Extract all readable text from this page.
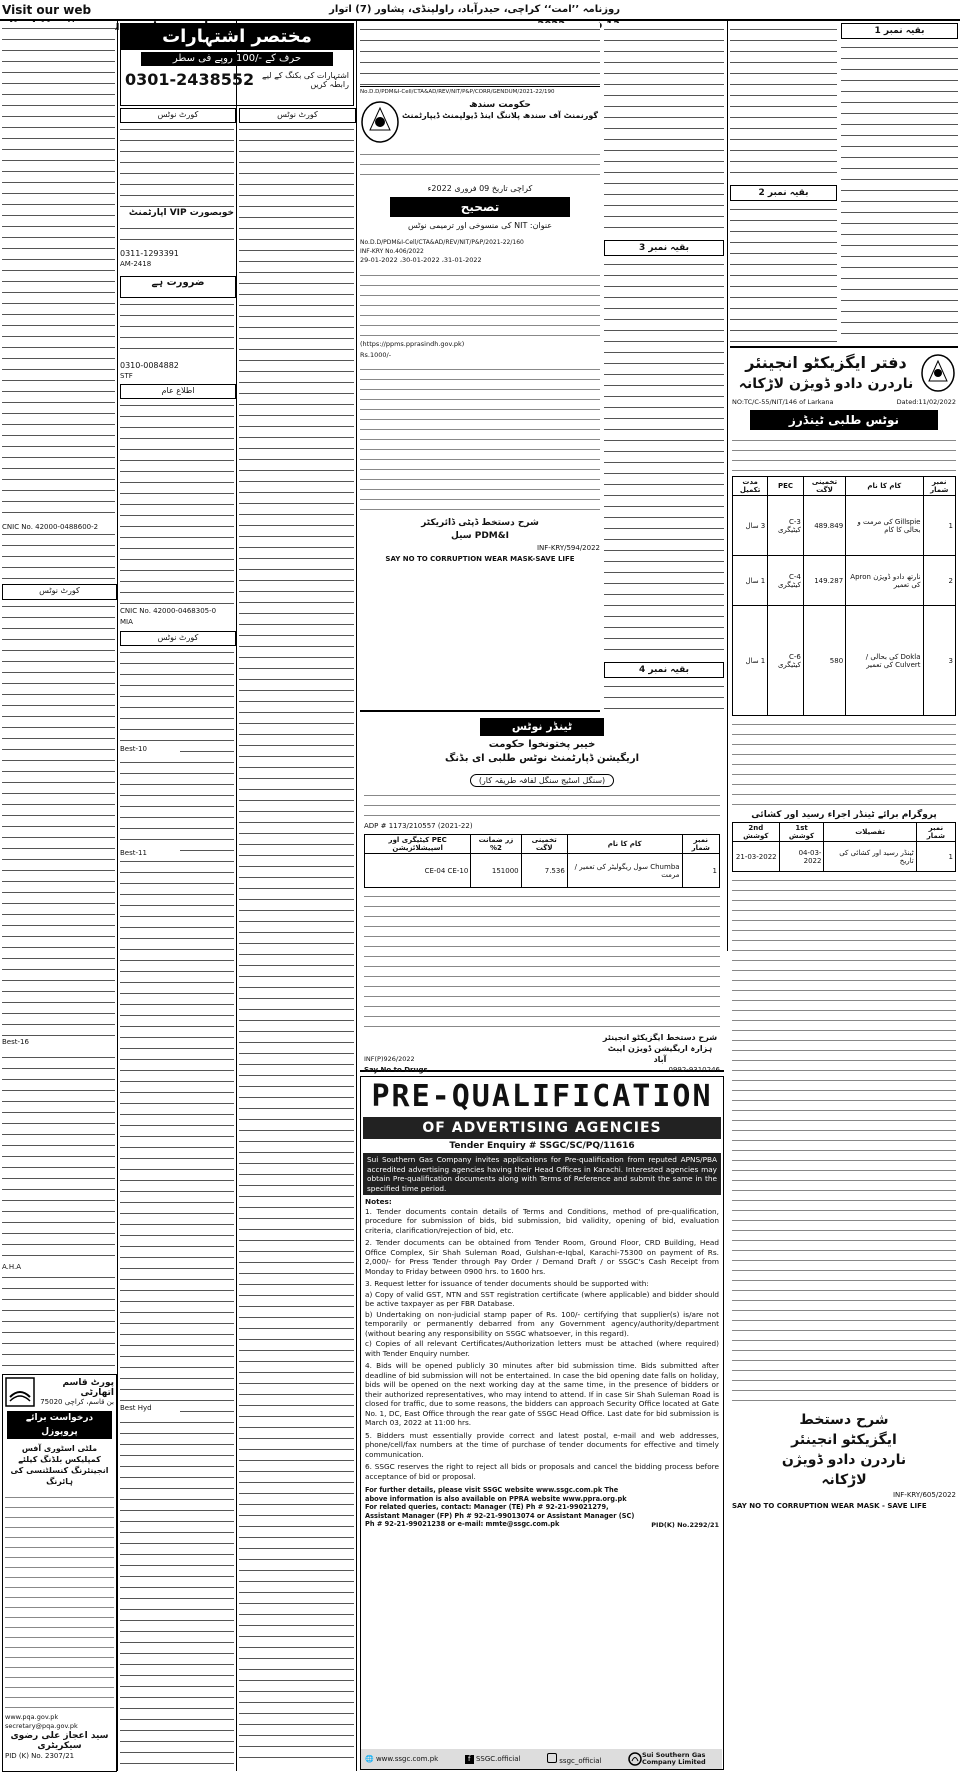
Visit our web	روزنامہ ’’امت‘‘ کراچی، حیدرآباد، راولپنڈی، پشاور (7) اتوار
مختصر اشتہارات
حرف کے -/100 روپے فی سطر
0301-2438552 اشتہارات کی بکنگ کے لیے رابطہ کریں
کورٹ نوٹس
CNIC No. 42000-0488600-2
Best-16
A.H.A
پورٹ قاسم اتھارٹی
بن قاسم، کراچی 75020
درخواست برائے پروپوزل
ملٹی اسٹوری آفس کمپلیکس بلڈنگ کیلئے انجینئرنگ کنسلٹنسی کی ہائرنگ
www.pqa.gov.pk
secretary@pqa.gov.pk
سید اعجاز علی رضوی
سیکریٹری
PID (K) No. 2307/21
کورٹ نوٹس
خوبصورت VIP اپارٹمنٹ
0311-1293391
AM-2418
ضرورت ہے
0310-0084882
STF
اطلاع عام
CNIC No. 42000-0468305-0
MIA
کورٹ نوٹس
Best-10
Best-11
Best Hyd
کورٹ نوٹس
No.D.D/PDM&I-Cell/CTA&AD/REV/NIT/P&P/CORR/GENDUM/2021-22/190
حکومت سندھ
گورنمنٹ آف سندھ پلاننگ اینڈ ڈیولپمنٹ ڈیپارٹمنٹ
کراچی تاریخ 09 فروری 2022ء
تصحیح
عنوان: NIT کی منسوخی اور ترمیمی نوٹس
No.D.D/PDM&I-Cell/CTA&AD/REV/NIT/P&P/2021-22/160
INF-KRY No.406/2022
29-01-2022 ،30-01-2022 ،31-01-2022
(https://ppms.pprasindh.gov.pk)
Rs.1000/-
شرح دستخط ڈپٹی ڈائریکٹر PDM&I سیل
INF-KRY/594/2022
SAY NO TO CORRUPTION WEAR MASK-SAVE LIFE
بقیہ نمبر 3
بقیہ نمبر 4
بقیہ نمبر 2
بقیہ نمبر 1
دفتر ایگزیکٹو انجینئر
ناردرن دادو ڈویژن لاڑکانہ
NO:TC/C-55/NIT/146 of Larkana	Dated:11/02/2022
نوٹس طلبی ٹینڈرز
نمبر شمار	کام کا نام	تخمینی لاگت	PEC	مدت تکمیل
1	Gillspie کی مرمت و بحالی کا کام	489.849	C-3 کیٹیگری	3 سال
2	نارتھ دادو ڈویژن Apron کی تعمیر	149.287	C-4 کیٹیگری	1 سال
3	Dokla کی بحالی / Culvert کی تعمیر	580	C-6 کیٹیگری	1 سال
پروگرام برائے ٹینڈر اجراء رسید اور کشائی
نمبر شمار	تفصیلات	1st کوشش	2nd کوشش
1	ٹینڈر رسید اور کشائی کی تاریخ	04-03-2022	21-03-2022
شرح دستخط
ایگزیکٹو انجینئر
ناردرن دادو ڈویژن
لاڑکانہ
INF-KRY/605/2022
SAY NO TO CORRUPTION WEAR MASK - SAVE LIFE
ٹینڈر نوٹس
خیبر پختونخوا حکومت
اریگیشن ڈپارٹمنٹ نوٹس طلبی ای بڈنگ
(سنگل اسٹیج سنگل لفافہ طریقہ کار)
ADP # 1173/210557 (2021-22)
نمبر شمار	کام کا نام	تخمینی لاگت	زر ضمانت 2%	PEC کیٹیگری اور اسپیشلائزیشن
1	Chumba سول ریگولیٹر کی تعمیر / مرمت	7.536	151000	CE-04 CE-10
INF(P)926/2022
شرح دستخط ایگزیکٹو انجینئر ہزارہ اریگیشن ڈویژن ایبٹ آباد
Say No to Drugs	0992-9310246
PRE-QUALIFICATION
OF ADVERTISING AGENCIES
Tender Enquiry # SSGC/SC/PQ/11616
Sui Southern Gas Company invites applications for Pre-qualification from reputed APNS/PBA accredited advertising agencies having their Head Offices in Karachi. Interested agencies may obtain Pre-qualification documents along with Terms of Reference and submit the same in the specified time period.
Notes:
1. Tender documents contain details of Terms and Conditions, method of pre-qualification, procedure for submission of bids, bid submission, bid validity, opening of bid, evaluation criteria, clarification/rejection of bid, etc.
2. Tender documents can be obtained from Tender Room, Ground Floor, CRD Building, Head Office Complex, Sir Shah Suleman Road, Gulshan-e-Iqbal, Karachi-75300 on payment of Rs. 2,000/- for Press Tender through Pay Order / Demand Draft / or SSGC's Cash Receipt from Monday to Friday between 0900 hrs. to 1600 hrs.
3. Request letter for issuance of tender documents should be supported with:
a) Copy of valid GST, NTN and SST registration certificate (where applicable) and bidder should be active taxpayer as per FBR Database.
b) Undertaking on non-judicial stamp paper of Rs. 100/- certifying that supplier(s) is/are not temporarily or permanently debarred from any Government agency/authority/department (without bearing any responsibility on SSGC whatsoever, in this regard).
c) Copies of all relevant Certificates/Authorization letters must be attached (where required) with Tender Enquiry number.
4. Bids will be opened publicly 30 minutes after bid submission time. Bids submitted after deadline of bid submission will not be entertained. In case the bid opening date falls on holiday, bids will be opened on the next working day at the same time, in the presence of bidders or their authorized representatives, who may intend to attend. If in case Sir Shah Suleman Road is closed for traffic, due to some reasons, the bidders can approach Security Office located at Gate No. 1, DC, East Office through the rear gate of SSGC Head Office. Last date for bid submission is March 03, 2022 at 11:00 hrs.
5. Bidders must essentially provide correct and latest postal, e-mail and web addresses, phone/cell/fax numbers at the time of purchase of tender documents for effective and timely communication.
6. SSGC reserves the right to reject all bids or proposals and cancel the bidding process before acceptance of bid or proposal.
For further details, please visit SSGC website www.ssgc.com.pk The above information is also available on PPRA website www.ppra.org.pk For related queries, contact: Manager (TE) Ph # 92-21-99021279, Assistant Manager (FP) Ph # 92-21-99013074 or Assistant Manager (SC) Ph # 92-21-99021238 or e-mail: mmte@ssgc.com.pk	PID(K) No.2292/21
🌐 www.ssgc.com.pk	f SSGC.official	ssgc_official
Sui Southern Gas Company Limited
